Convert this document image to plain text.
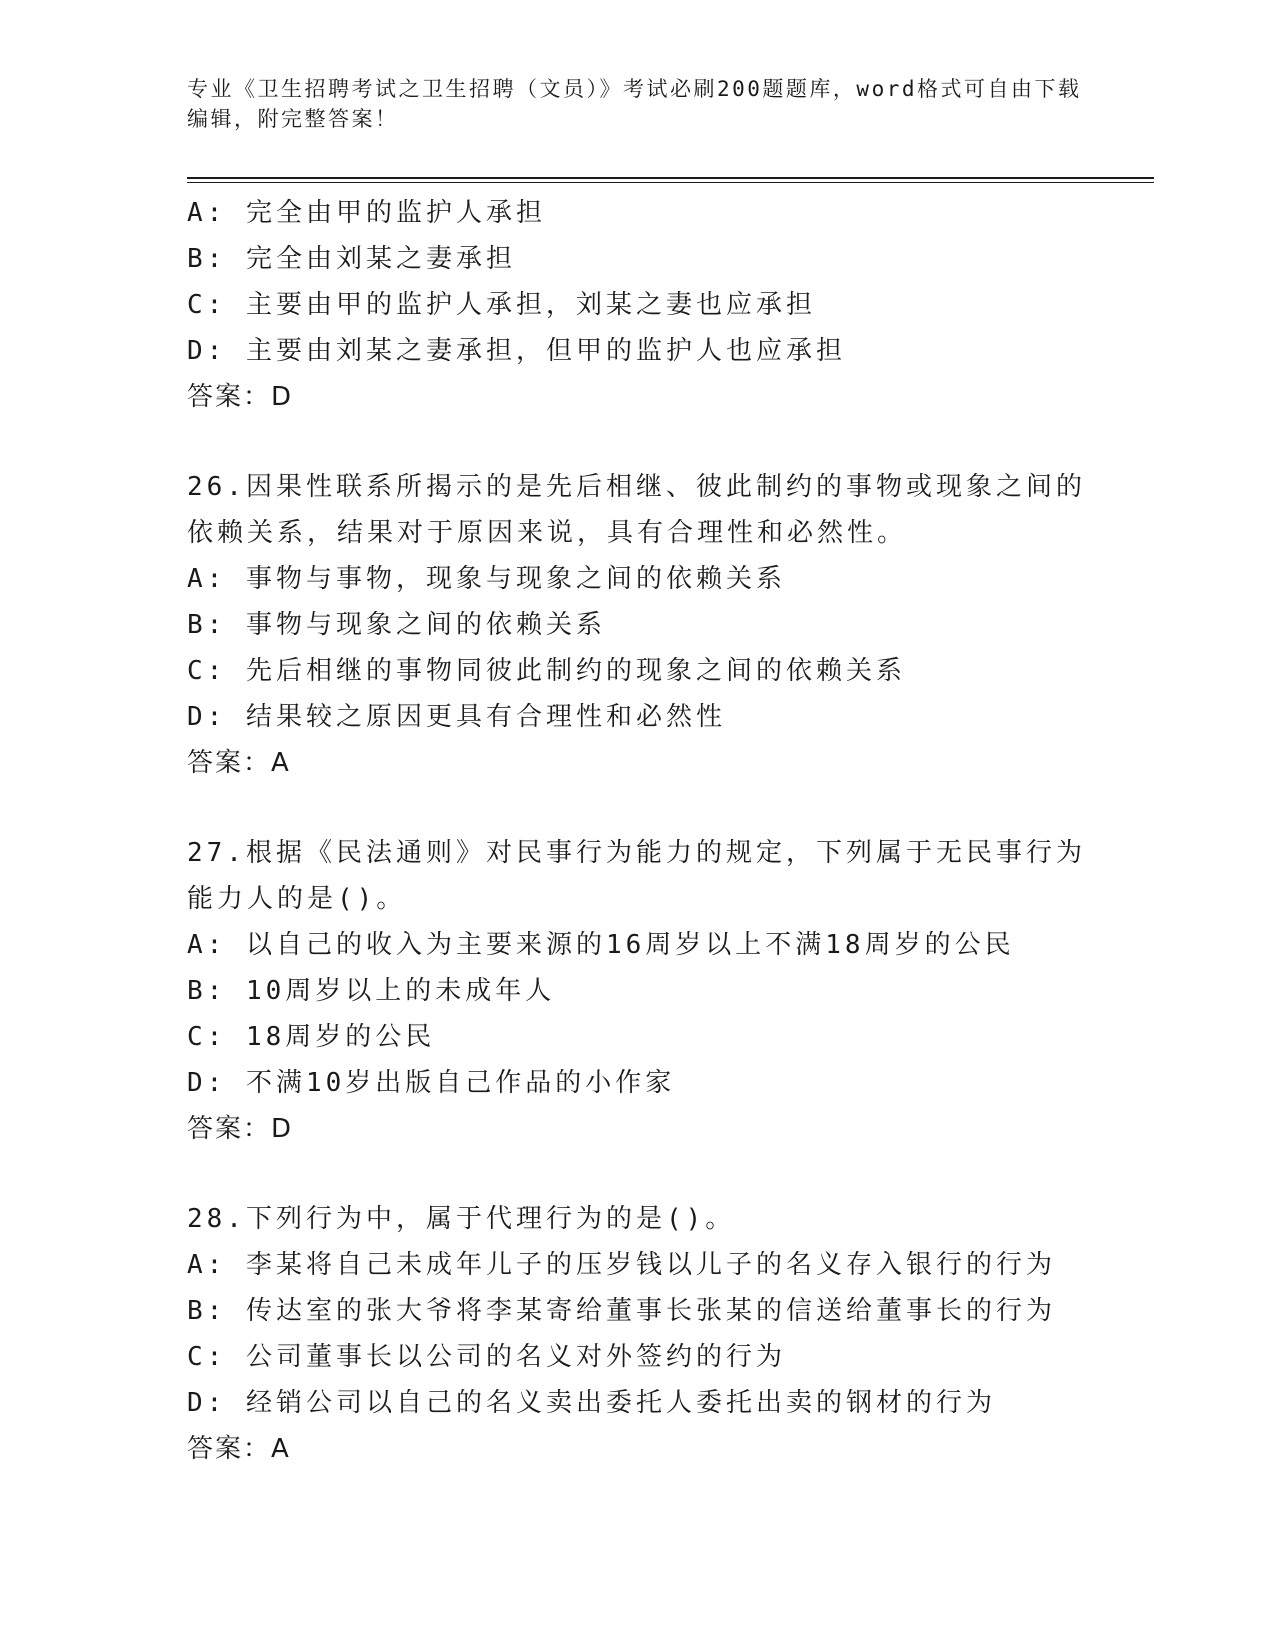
专业《卫生招聘考试之卫生招聘（文员）》考试必刷200题题库，word格式可自由下载编辑，附完整答案！
A: 完全由甲的监护人承担
B: 完全由刘某之妻承担
C: 主要由甲的监护人承担，刘某之妻也应承担
D: 主要由刘某之妻承担，但甲的监护人也应承担
答案：D
26.因果性联系所揭示的是先后相继、彼此制约的事物或现象之间的依赖关系，结果对于原因来说，具有合理性和必然性。
A: 事物与事物，现象与现象之间的依赖关系
B: 事物与现象之间的依赖关系
C: 先后相继的事物同彼此制约的现象之间的依赖关系
D: 结果较之原因更具有合理性和必然性
答案：A
27.根据《民法通则》对民事行为能力的规定，下列属于无民事行为能力人的是()。
A: 以自己的收入为主要来源的16周岁以上不满18周岁的公民
B: 10周岁以上的未成年人
C: 18周岁的公民
D: 不满10岁出版自己作品的小作家
答案：D
28.下列行为中，属于代理行为的是()。
A: 李某将自己未成年儿子的压岁钱以儿子的名义存入银行的行为
B: 传达室的张大爷将李某寄给董事长张某的信送给董事长的行为
C: 公司董事长以公司的名义对外签约的行为
D: 经销公司以自己的名义卖出委托人委托出卖的钢材的行为
答案：A
